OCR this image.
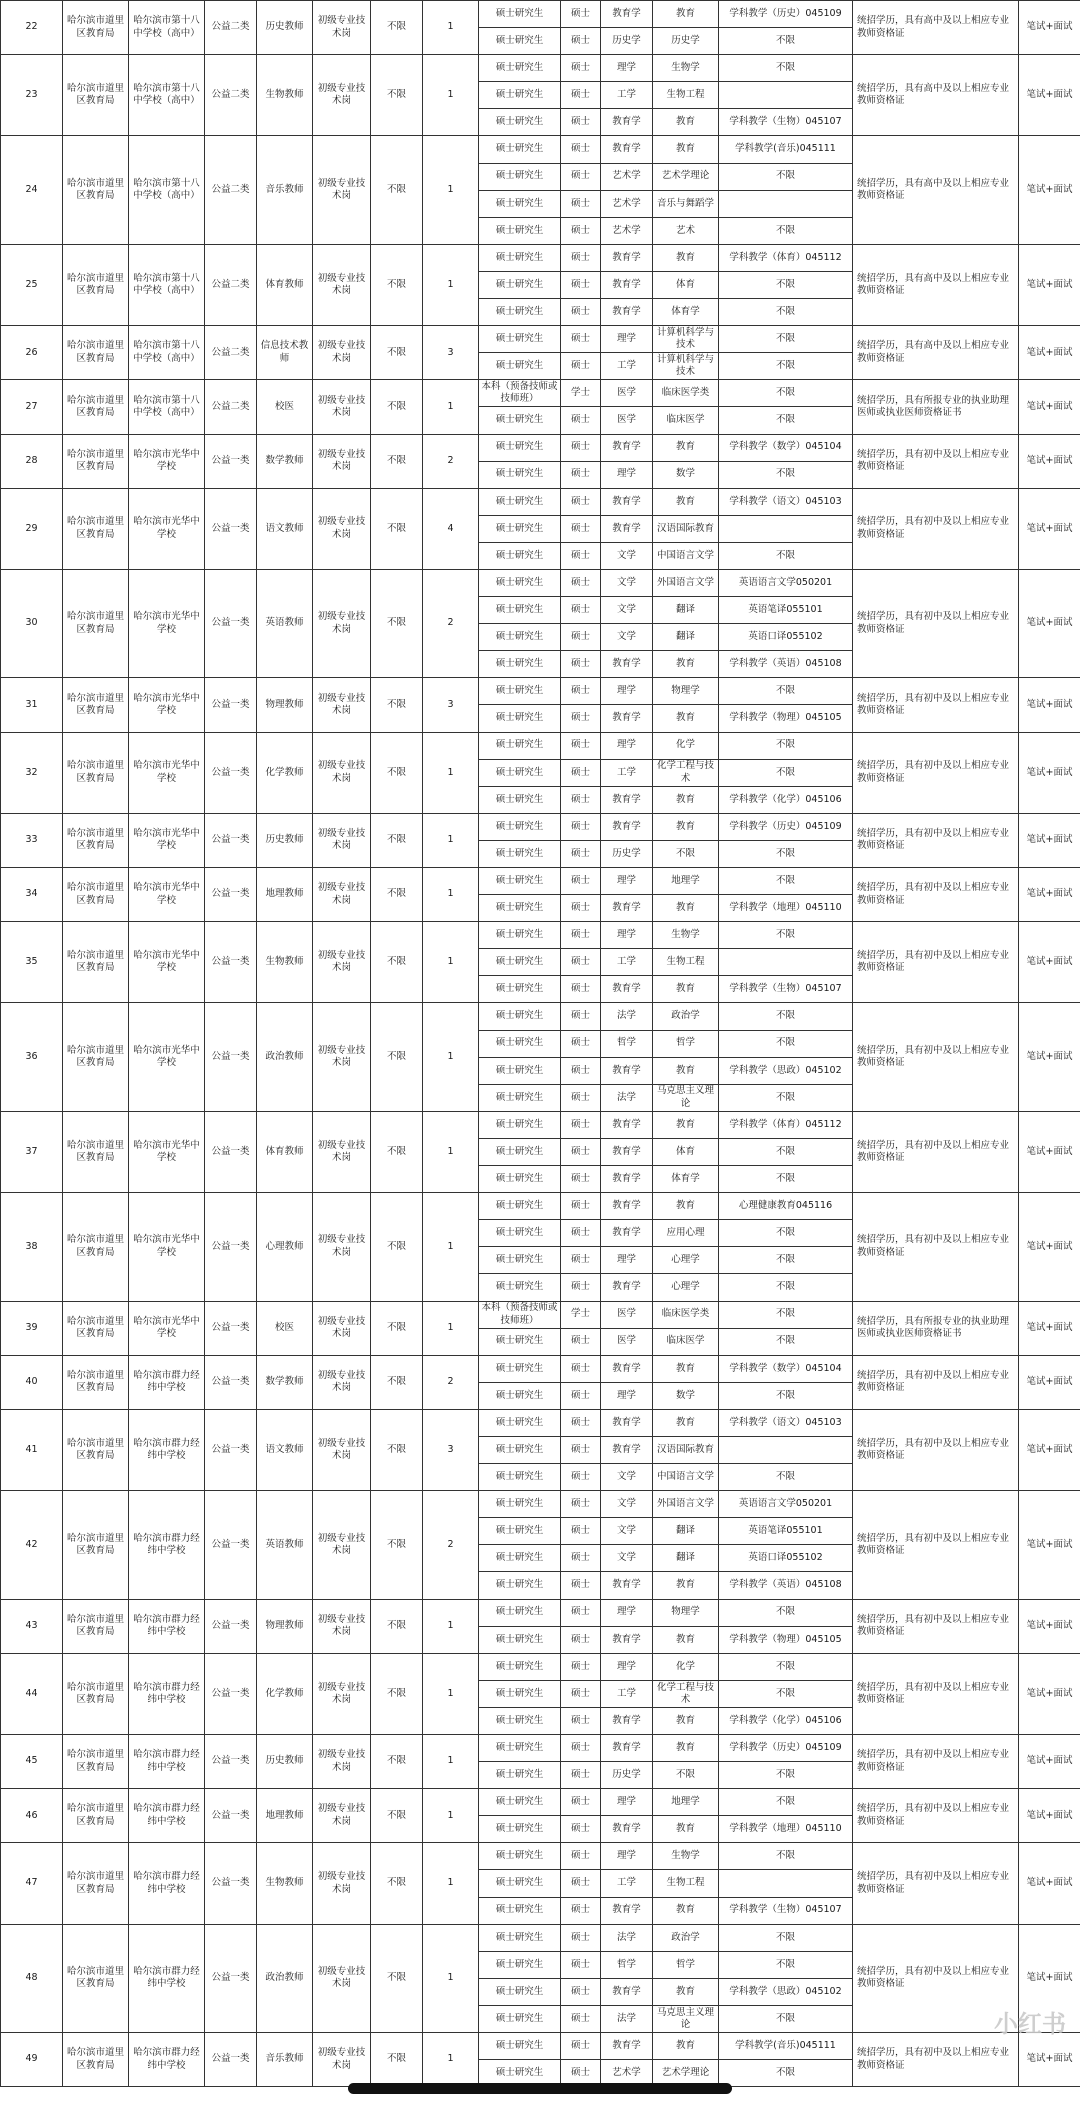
22	哈尔滨市道里区教育局	哈尔滨市第十八中学校（高中）	公益二类	历史教师	初级专业技术岗	不限	1	硕士研究生	硕士	教育学	教育	学科教学（历史）045109	统招学历，具有高中及以上相应专业教师资格证	笔试+面试
								硕士研究生	硕士	历史学	历史学	不限		
23	哈尔滨市道里区教育局	哈尔滨市第十八中学校（高中）	公益二类	生物教师	初级专业技术岗	不限	1	硕士研究生	硕士	理学	生物学	不限	统招学历，具有高中及以上相应专业教师资格证	笔试+面试
								硕士研究生	硕士	工学	生物工程			
								硕士研究生	硕士	教育学	教育	学科教学（生物）045107		
24	哈尔滨市道里区教育局	哈尔滨市第十八中学校（高中）	公益二类	音乐教师	初级专业技术岗	不限	1	硕士研究生	硕士	教育学	教育	学科教学(音乐)045111	统招学历，具有高中及以上相应专业教师资格证	笔试+面试
								硕士研究生	硕士	艺术学	艺术学理论	不限		
								硕士研究生	硕士	艺术学	音乐与舞蹈学			
								硕士研究生	硕士	艺术学	艺术	不限		
25	哈尔滨市道里区教育局	哈尔滨市第十八中学校（高中）	公益二类	体育教师	初级专业技术岗	不限	1	硕士研究生	硕士	教育学	教育	学科教学（体育）045112	统招学历，具有高中及以上相应专业教师资格证	笔试+面试
								硕士研究生	硕士	教育学	体育	不限		
								硕士研究生	硕士	教育学	体育学	不限		
26	哈尔滨市道里区教育局	哈尔滨市第十八中学校（高中）	公益二类	信息技术教师	初级专业技术岗	不限	3	硕士研究生	硕士	理学	计算机科学与技术	不限	统招学历，具有高中及以上相应专业教师资格证	笔试+面试
								硕士研究生	硕士	工学	计算机科学与技术	不限		
27	哈尔滨市道里区教育局	哈尔滨市第十八中学校（高中）	公益二类	校医	初级专业技术岗	不限	1	本科（预备技师或技师班）	学士	医学	临床医学类	不限	统招学历，具有所报专业的执业助理医师或执业医师资格证书	笔试+面试
								硕士研究生	硕士	医学	临床医学	不限		
28	哈尔滨市道里区教育局	哈尔滨市光华中学校	公益一类	数学教师	初级专业技术岗	不限	2	硕士研究生	硕士	教育学	教育	学科教学（数学）045104	统招学历，具有初中及以上相应专业教师资格证	笔试+面试
								硕士研究生	硕士	理学	数学	不限		
29	哈尔滨市道里区教育局	哈尔滨市光华中学校	公益一类	语文教师	初级专业技术岗	不限	4	硕士研究生	硕士	教育学	教育	学科教学（语文）045103	统招学历，具有初中及以上相应专业教师资格证	笔试+面试
								硕士研究生	硕士	教育学	汉语国际教育			
								硕士研究生	硕士	文学	中国语言文学	不限		
30	哈尔滨市道里区教育局	哈尔滨市光华中学校	公益一类	英语教师	初级专业技术岗	不限	2	硕士研究生	硕士	文学	外国语言文学	英语语言文学050201	统招学历，具有初中及以上相应专业教师资格证	笔试+面试
								硕士研究生	硕士	文学	翻译	英语笔译055101		
								硕士研究生	硕士	文学	翻译	英语口译055102		
								硕士研究生	硕士	教育学	教育	学科教学（英语）045108		
31	哈尔滨市道里区教育局	哈尔滨市光华中学校	公益一类	物理教师	初级专业技术岗	不限	3	硕士研究生	硕士	理学	物理学	不限	统招学历，具有初中及以上相应专业教师资格证	笔试+面试
								硕士研究生	硕士	教育学	教育	学科教学（物理）045105		
32	哈尔滨市道里区教育局	哈尔滨市光华中学校	公益一类	化学教师	初级专业技术岗	不限	1	硕士研究生	硕士	理学	化学	不限	统招学历，具有初中及以上相应专业教师资格证	笔试+面试
								硕士研究生	硕士	工学	化学工程与技术	不限		
								硕士研究生	硕士	教育学	教育	学科教学（化学）045106		
33	哈尔滨市道里区教育局	哈尔滨市光华中学校	公益一类	历史教师	初级专业技术岗	不限	1	硕士研究生	硕士	教育学	教育	学科教学（历史）045109	统招学历，具有初中及以上相应专业教师资格证	笔试+面试
								硕士研究生	硕士	历史学	不限	不限		
34	哈尔滨市道里区教育局	哈尔滨市光华中学校	公益一类	地理教师	初级专业技术岗	不限	1	硕士研究生	硕士	理学	地理学	不限	统招学历，具有初中及以上相应专业教师资格证	笔试+面试
								硕士研究生	硕士	教育学	教育	学科教学（地理）045110		
35	哈尔滨市道里区教育局	哈尔滨市光华中学校	公益一类	生物教师	初级专业技术岗	不限	1	硕士研究生	硕士	理学	生物学	不限	统招学历，具有初中及以上相应专业教师资格证	笔试+面试
								硕士研究生	硕士	工学	生物工程			
								硕士研究生	硕士	教育学	教育	学科教学（生物）045107		
36	哈尔滨市道里区教育局	哈尔滨市光华中学校	公益一类	政治教师	初级专业技术岗	不限	1	硕士研究生	硕士	法学	政治学	不限	统招学历，具有初中及以上相应专业教师资格证	笔试+面试
								硕士研究生	硕士	哲学	哲学	不限		
								硕士研究生	硕士	教育学	教育	学科教学（思政）045102		
								硕士研究生	硕士	法学	马克思主义理论	不限		
37	哈尔滨市道里区教育局	哈尔滨市光华中学校	公益一类	体育教师	初级专业技术岗	不限	1	硕士研究生	硕士	教育学	教育	学科教学（体育）045112	统招学历，具有初中及以上相应专业教师资格证	笔试+面试
								硕士研究生	硕士	教育学	体育	不限		
								硕士研究生	硕士	教育学	体育学	不限		
38	哈尔滨市道里区教育局	哈尔滨市光华中学校	公益一类	心理教师	初级专业技术岗	不限	1	硕士研究生	硕士	教育学	教育	心理健康教育045116	统招学历，具有初中及以上相应专业教师资格证	笔试+面试
								硕士研究生	硕士	教育学	应用心理	不限		
								硕士研究生	硕士	理学	心理学	不限		
								硕士研究生	硕士	教育学	心理学	不限		
39	哈尔滨市道里区教育局	哈尔滨市光华中学校	公益一类	校医	初级专业技术岗	不限	1	本科（预备技师或技师班）	学士	医学	临床医学类	不限	统招学历，具有所报专业的执业助理医师或执业医师资格证书	笔试+面试
								硕士研究生	硕士	医学	临床医学	不限		
40	哈尔滨市道里区教育局	哈尔滨市群力经纬中学校	公益一类	数学教师	初级专业技术岗	不限	2	硕士研究生	硕士	教育学	教育	学科教学（数学）045104	统招学历，具有初中及以上相应专业教师资格证	笔试+面试
								硕士研究生	硕士	理学	数学	不限		
41	哈尔滨市道里区教育局	哈尔滨市群力经纬中学校	公益一类	语文教师	初级专业技术岗	不限	3	硕士研究生	硕士	教育学	教育	学科教学（语文）045103	统招学历，具有初中及以上相应专业教师资格证	笔试+面试
								硕士研究生	硕士	教育学	汉语国际教育			
								硕士研究生	硕士	文学	中国语言文学	不限		
42	哈尔滨市道里区教育局	哈尔滨市群力经纬中学校	公益一类	英语教师	初级专业技术岗	不限	2	硕士研究生	硕士	文学	外国语言文学	英语语言文学050201	统招学历，具有初中及以上相应专业教师资格证	笔试+面试
								硕士研究生	硕士	文学	翻译	英语笔译055101		
								硕士研究生	硕士	文学	翻译	英语口译055102		
								硕士研究生	硕士	教育学	教育	学科教学（英语）045108		
43	哈尔滨市道里区教育局	哈尔滨市群力经纬中学校	公益一类	物理教师	初级专业技术岗	不限	1	硕士研究生	硕士	理学	物理学	不限	统招学历，具有初中及以上相应专业教师资格证	笔试+面试
								硕士研究生	硕士	教育学	教育	学科教学（物理）045105		
44	哈尔滨市道里区教育局	哈尔滨市群力经纬中学校	公益一类	化学教师	初级专业技术岗	不限	1	硕士研究生	硕士	理学	化学	不限	统招学历，具有初中及以上相应专业教师资格证	笔试+面试
								硕士研究生	硕士	工学	化学工程与技术	不限		
								硕士研究生	硕士	教育学	教育	学科教学（化学）045106		
45	哈尔滨市道里区教育局	哈尔滨市群力经纬中学校	公益一类	历史教师	初级专业技术岗	不限	1	硕士研究生	硕士	教育学	教育	学科教学（历史）045109	统招学历，具有初中及以上相应专业教师资格证	笔试+面试
								硕士研究生	硕士	历史学	不限	不限		
46	哈尔滨市道里区教育局	哈尔滨市群力经纬中学校	公益一类	地理教师	初级专业技术岗	不限	1	硕士研究生	硕士	理学	地理学	不限	统招学历，具有初中及以上相应专业教师资格证	笔试+面试
								硕士研究生	硕士	教育学	教育	学科教学（地理）045110		
47	哈尔滨市道里区教育局	哈尔滨市群力经纬中学校	公益一类	生物教师	初级专业技术岗	不限	1	硕士研究生	硕士	理学	生物学	不限	统招学历，具有初中及以上相应专业教师资格证	笔试+面试
								硕士研究生	硕士	工学	生物工程			
								硕士研究生	硕士	教育学	教育	学科教学（生物）045107		
48	哈尔滨市道里区教育局	哈尔滨市群力经纬中学校	公益一类	政治教师	初级专业技术岗	不限	1	硕士研究生	硕士	法学	政治学	不限	统招学历，具有初中及以上相应专业教师资格证	笔试+面试
								硕士研究生	硕士	哲学	哲学	不限		
								硕士研究生	硕士	教育学	教育	学科教学（思政）045102		
								硕士研究生	硕士	法学	马克思主义理论	不限		
49	哈尔滨市道里区教育局	哈尔滨市群力经纬中学校	公益一类	音乐教师	初级专业技术岗	不限	1	硕士研究生	硕士	教育学	教育	学科教学(音乐)045111	统招学历，具有初中及以上相应专业教师资格证	笔试+面试
								硕士研究生	硕士	艺术学	艺术学理论	不限		
小红书
